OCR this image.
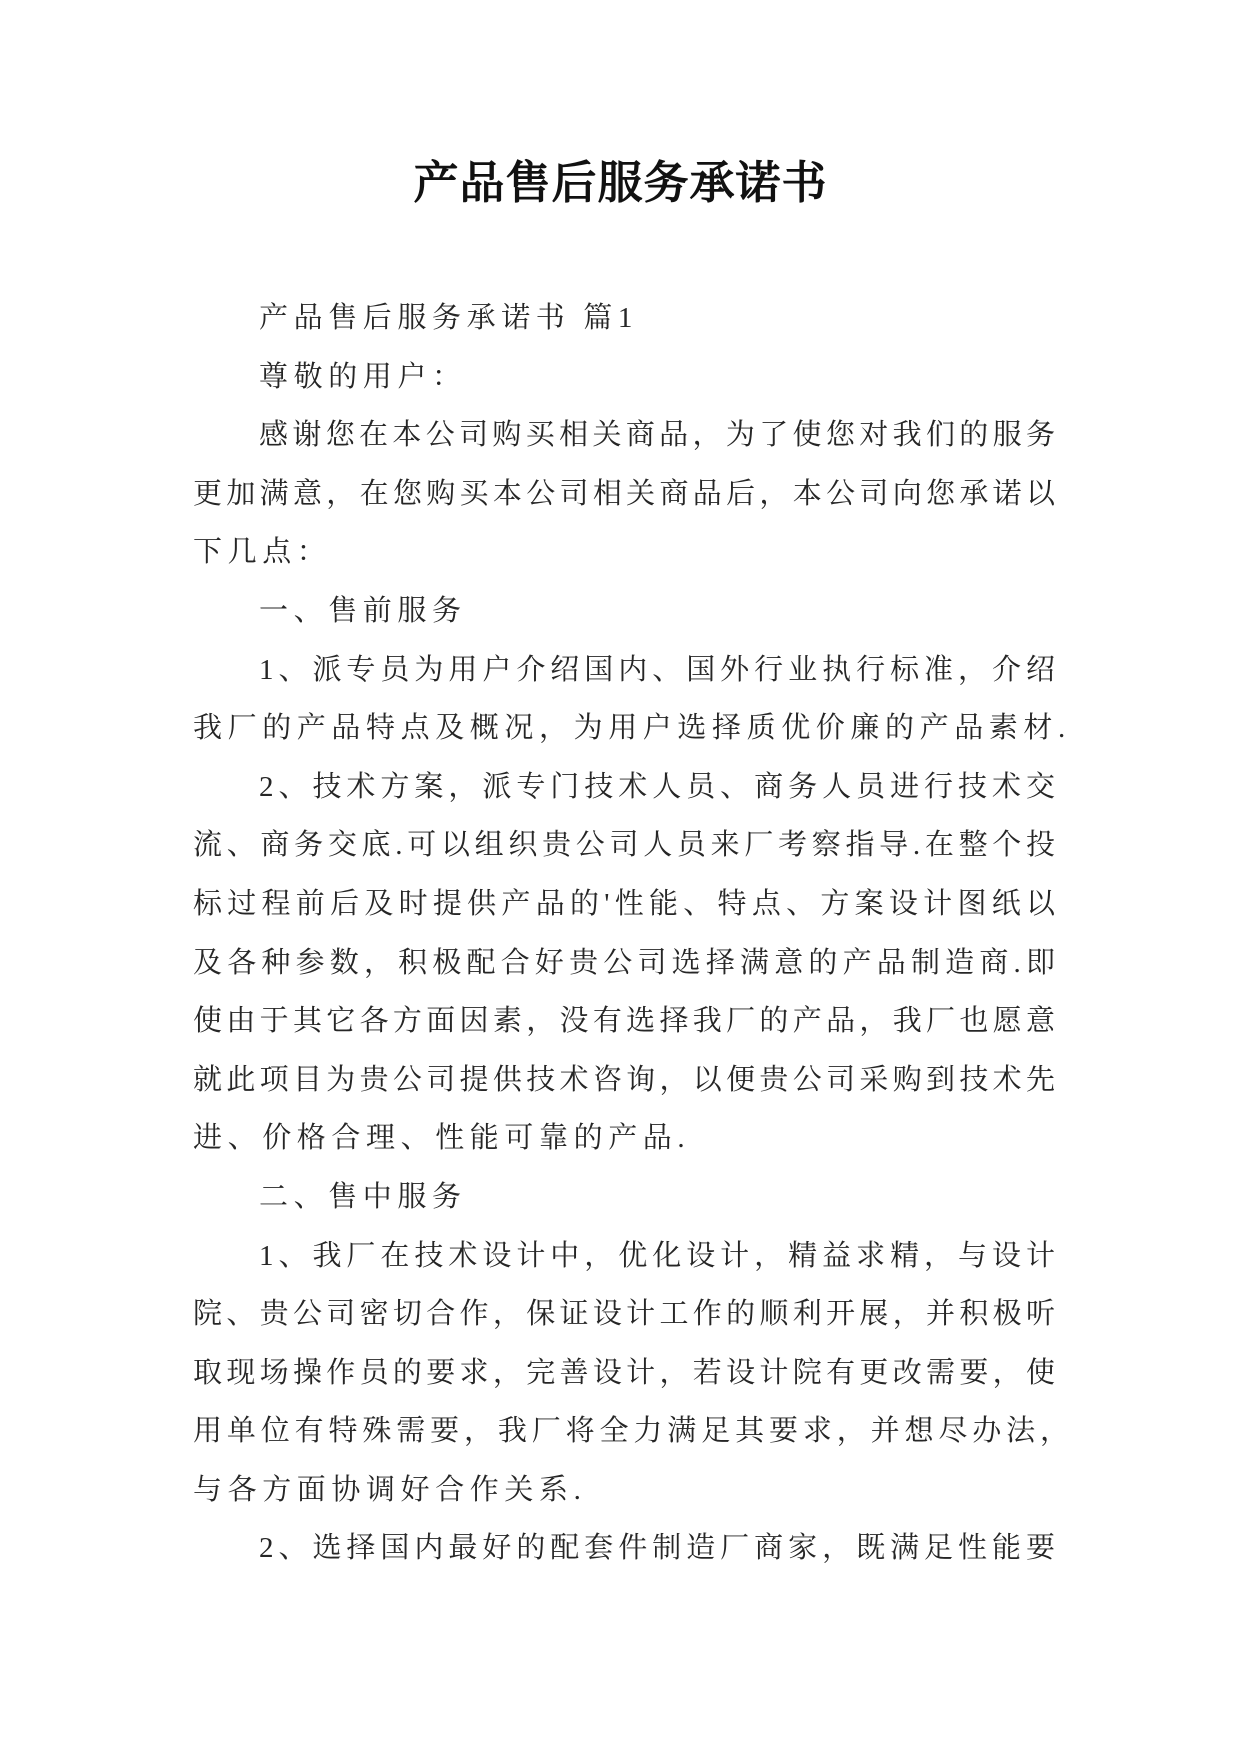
产品售后服务承诺书
产品售后服务承诺书 篇1
尊敬的用户：
感谢您在本公司购买相关商品，为了使您对我们的服务
更加满意，在您购买本公司相关商品后，本公司向您承诺以
下几点：
一、售前服务
1、派专员为用户介绍国内、国外行业执行标准，介绍
我厂的产品特点及概况，为用户选择质优价廉的产品素材.
2、技术方案，派专门技术人员、商务人员进行技术交
流、商务交底.可以组织贵公司人员来厂考察指导.在整个投
标过程前后及时提供产品的'性能、特点、方案设计图纸以
及各种参数，积极配合好贵公司选择满意的产品制造商.即
使由于其它各方面因素，没有选择我厂的产品，我厂也愿意
就此项目为贵公司提供技术咨询，以便贵公司采购到技术先
进、价格合理、性能可靠的产品.
二、售中服务
1、我厂在技术设计中，优化设计，精益求精，与设计
院、贵公司密切合作，保证设计工作的顺利开展，并积极听
取现场操作员的要求，完善设计，若设计院有更改需要，使
用单位有特殊需要，我厂将全力满足其要求，并想尽办法，
与各方面协调好合作关系.
2、选择国内最好的配套件制造厂商家，既满足性能要
